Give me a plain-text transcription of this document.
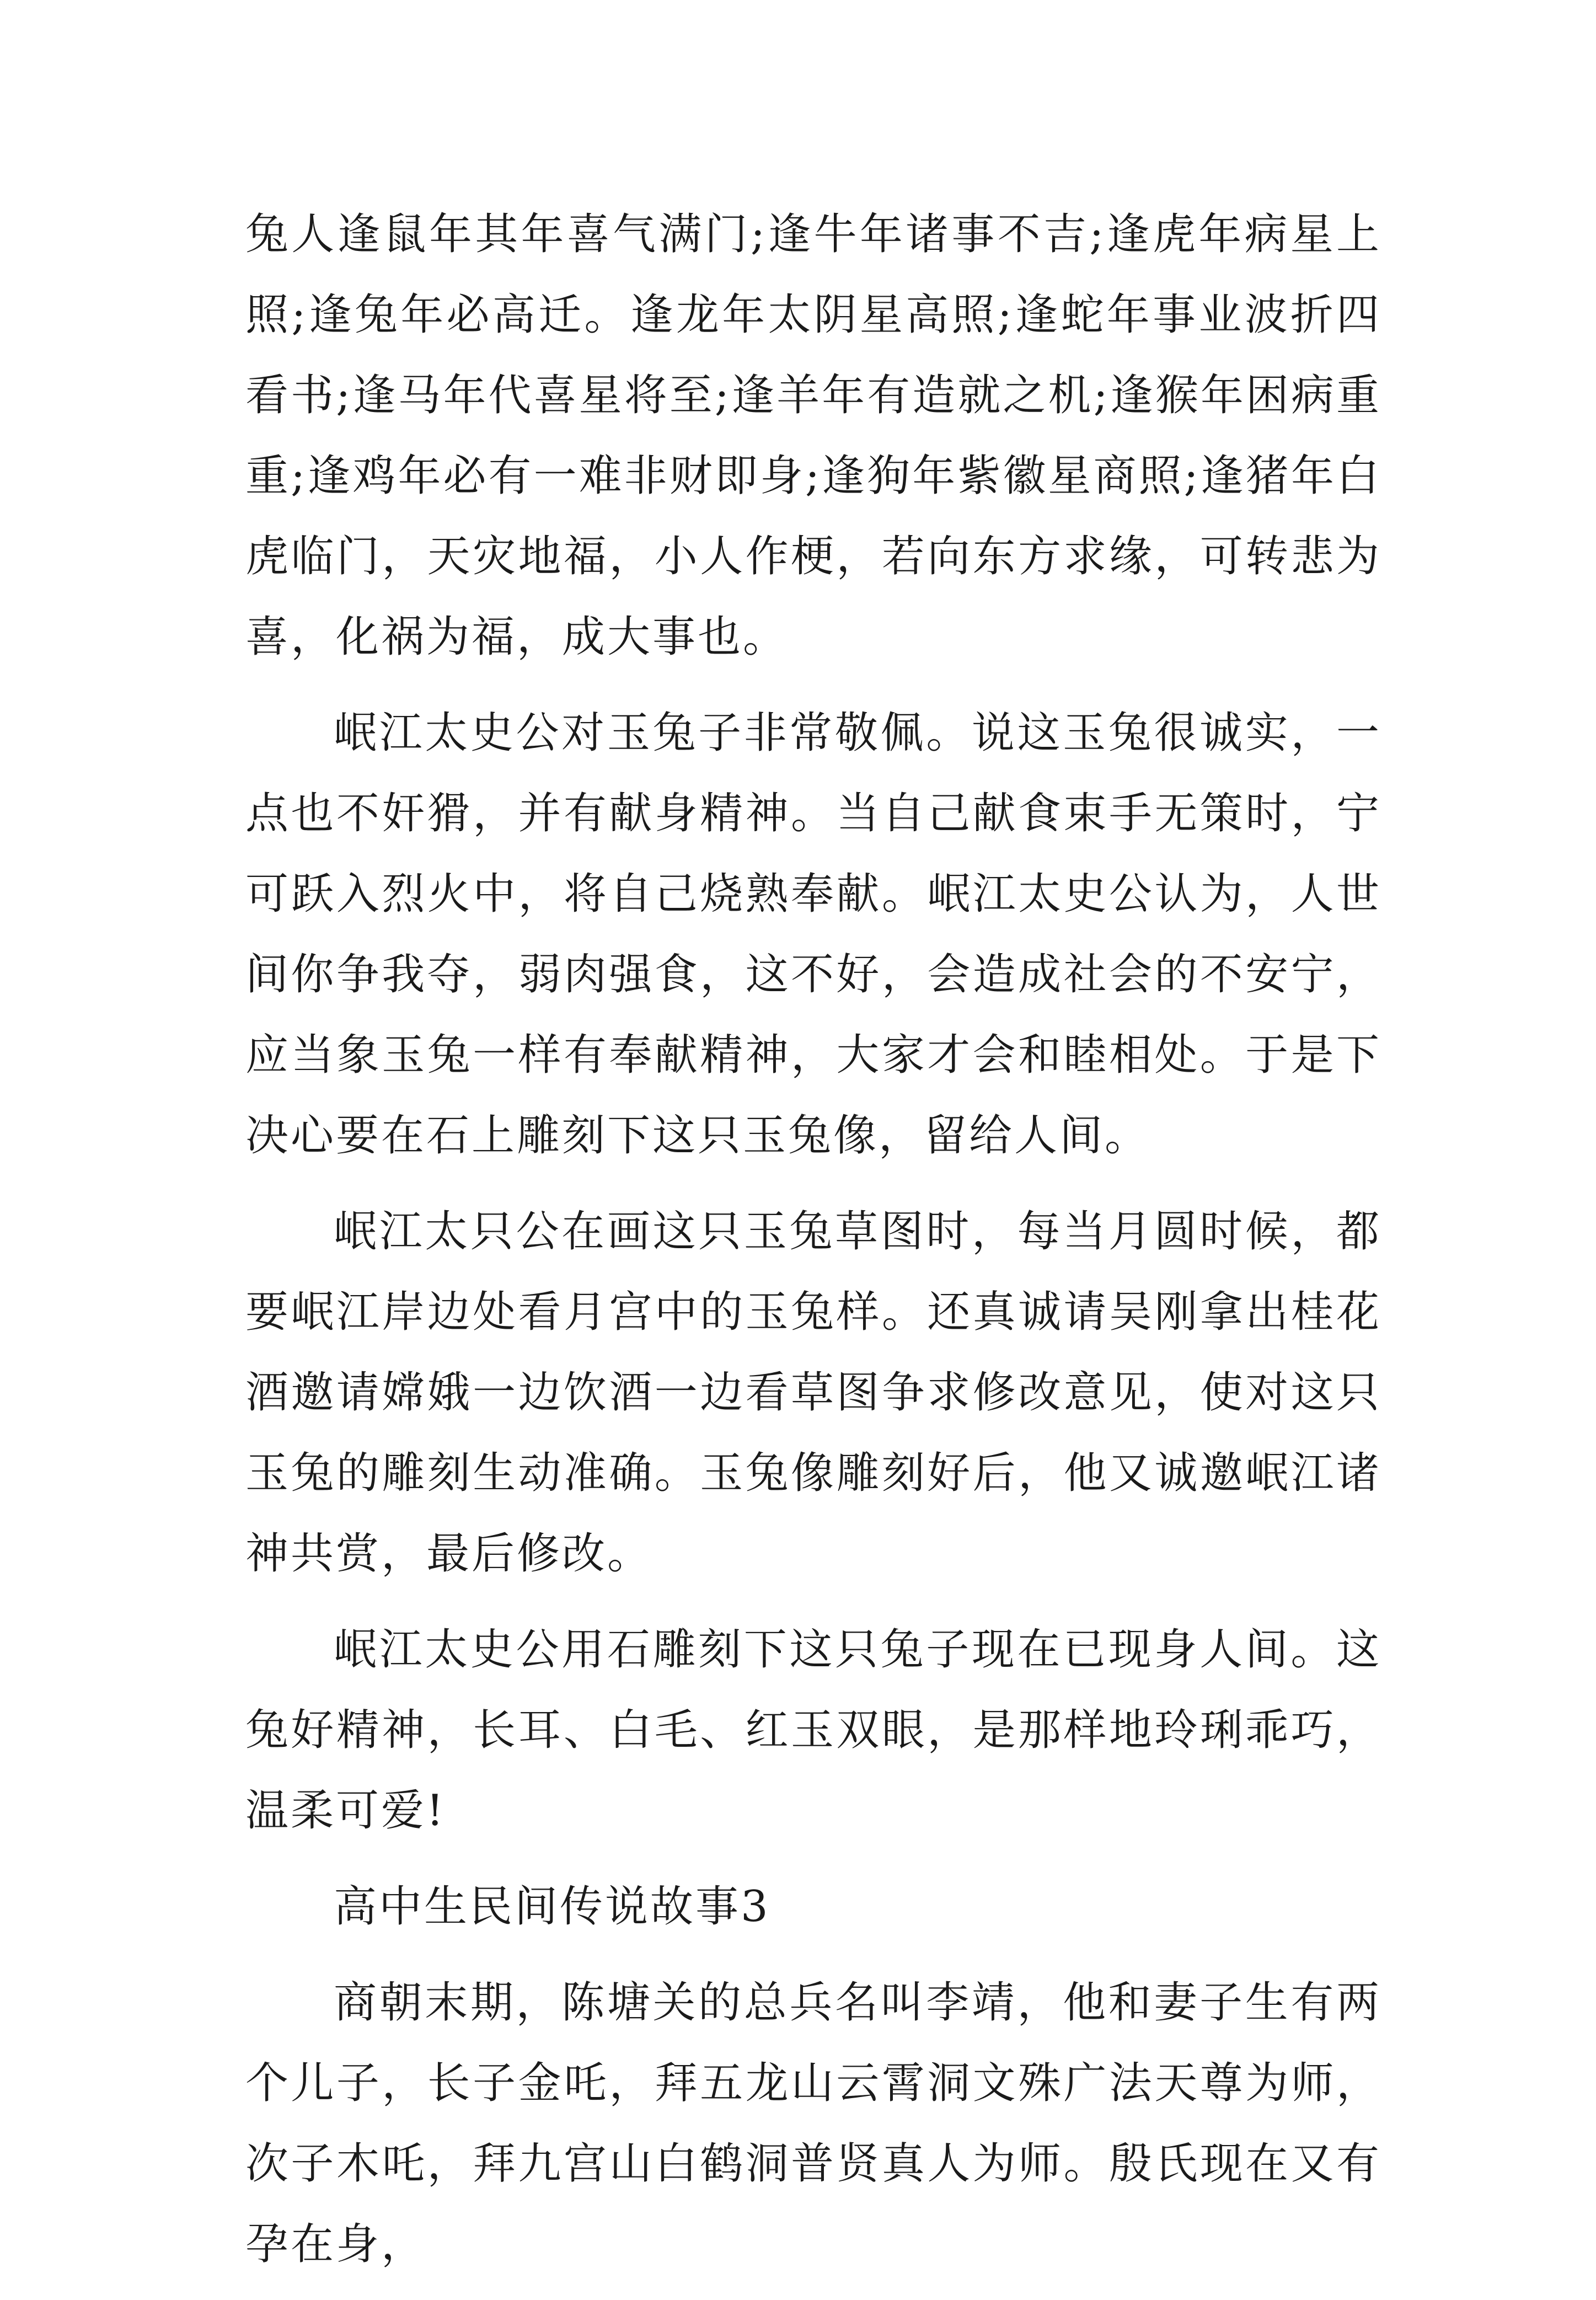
兔人逢鼠年其年喜气满门;逢牛年诸事不吉;逢虎年病星上照;逢兔年必高迁。逢龙年太阴星高照;逢蛇年事业波折四看书;逢马年代喜星将至;逢羊年有造就之机;逢猴年困病重重;逢鸡年必有一难非财即身;逢狗年紫徽星商照;逢猪年白虎临门，天灾地福，小人作梗，若向东方求缘，可转悲为喜，化祸为福，成大事也。

岷江太史公对玉兔子非常敬佩。说这玉兔很诚实，一点也不奸猾，并有献身精神。当自己献食束手无策时，宁可跃入烈火中，将自己烧熟奉献。岷江太史公认为，人世间你争我夺，弱肉强食，这不好，会造成社会的不安宁，应当象玉兔一样有奉献精神，大家才会和睦相处。于是下决心要在石上雕刻下这只玉兔像，留给人间。

岷江太只公在画这只玉兔草图时，每当月圆时候，都要岷江岸边处看月宫中的玉兔样。还真诚请吴刚拿出桂花酒邀请嫦娥一边饮酒一边看草图争求修改意见，使对这只玉兔的雕刻生动准确。玉兔像雕刻好后，他又诚邀岷江诸神共赏，最后修改。

岷江太史公用石雕刻下这只兔子现在已现身人间。这兔好精神，长耳、白毛、红玉双眼，是那样地玲琍乖巧，温柔可爱!

高中生民间传说故事3

商朝末期，陈塘关的总兵名叫李靖，他和妻子生有两个儿子，长子金吒，拜五龙山云霄洞文殊广法天尊为师，次子木吒，拜九宫山白鹤洞普贤真人为师。殷氏现在又有孕在身，
